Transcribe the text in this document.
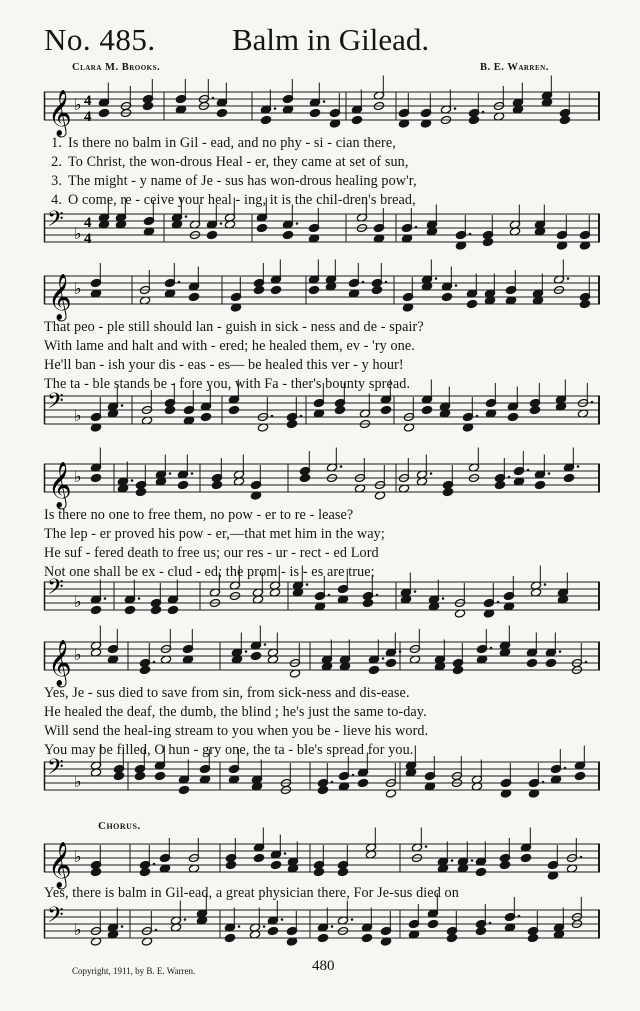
No. 485. Balm in Gilead.
Clara M. Brooks.	B. E. Warren.
𝄞 ♭ 4
4
1. Is there no balm in Gil - ead, and no phy - si - cian there,
2. To Christ, the won-drous Heal - er, they came at set of sun,
3. The might - y name of Je - sus has won-drous healing pow'r,
4. O come, re - ceive your heal - ing, it is the chil-dren's bread,
𝄢 ♭
4
4
𝄞 ♭
That peo - ple still should lan - guish in sick - ness and de - spair?
With lame and halt and with - ered; he healed them, ev - 'ry one.
He'll ban - ish your dis - eas - es— be healed this ver - y hour!
The ta - ble stands be - fore you, with Fa - ther's bounty spread.
𝄢 ♭
𝄞 ♭
Is there no one to free them, no pow - er to re - lease?
The lep - er proved his pow - er,—that met him in the way;
He suf - fered death to free us; our res - ur - rect - ed Lord
Not one shall be ex - clud - ed; the prom - is - es are true;
𝄢 ♭
𝄞 ♭
Yes, Je - sus died to save from sin, from sick-ness and dis-ease.
He healed the deaf, the dumb, the blind ; he's just the same to-day.
Will send the heal-ing stream to you when you be - lieve his word.
You may be filled, O hun - gry one, the ta - ble's spread for you.
𝄢 ♭
Chorus.
𝄞 ♭
Yes, there is balm in Gil-ead, a great physician there, For Je-sus died on
𝄢 ♭
Copyright, 1911, by B. E. Warren.	480
